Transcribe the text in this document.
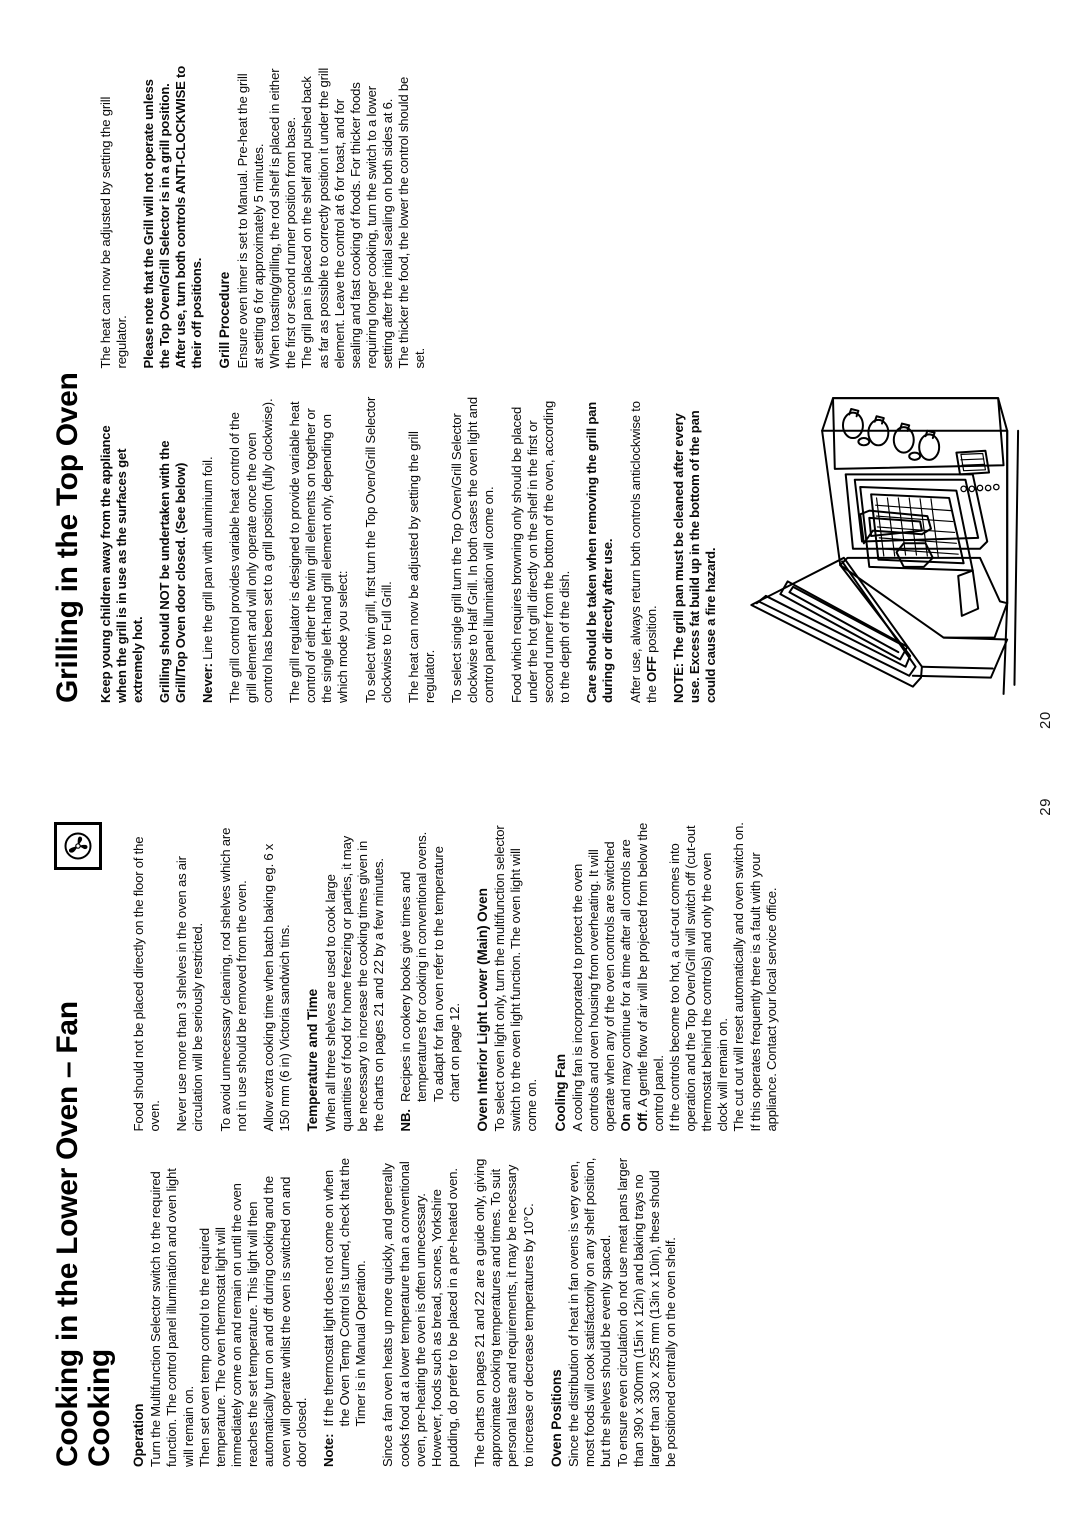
20
Grilling in the Top Oven Keep young children away from the appliance when the grill is in use as the surfaces get extremely hot. Grilling should NOT be undertaken with the Grill/Top Oven door closed. (See below) Never: Line the grill pan with aluminium foil. The grill control provides variable heat control of the grill element and will only operate once the oven control has been set to a grill position (fully clockwise). The grill regulator is designed to provide variable heat control of either the twin grill elements on together or the single left-hand grill element only, depending on which mode you select: To select twin grill, first turn the Top Oven/Grill Selector clockwise to Full Grill. The heat can now be adjusted by setting the grill regulator. To select single grill turn the Top Oven/Grill Selector clockwise to Half Grill. In both cases the oven light and control panel illumination will come on. Food which requires browning only should be placed under the hot grill directly on the shelf in the first or second runner from the bottom of the oven, according to the depth of the dish. Care should be taken when removing the grill pan during or directly after use. After use, always return both controls anticlockwise to the OFF position. NOTE: The grill pan must be cleaned after every use. Excess fat build up in the bottom of the pan could cause a fire hazard.

The heat can now be adjusted by setting the grill regulator. Please note that the Grill will not operate unless the Top Oven/Grill Selector is in a grill position. After use, turn both controls ANTI-CLOCKWISE to their off positions. Grill Procedure Ensure oven timer is set to Manual. Pre-heat the grill at setting 6 for approximately 5 minutes. When toasting/grilling, the rod shelf is placed in either the first or second runner position from base. The grill pan is placed on the shelf and pushed back as far as possible to correctly position it under the grill element. Leave the control at 6 for toast, and for sealing and fast cooking of foods. For thicker foods requiring longer cooking, turn the switch to a lower setting after the initial sealing on both sides at 6. The thicker the food, the lower the control should be set.

29
Cooking in the Lower Oven – Fan Cooking Operation Turn the Multifunction Selector switch to the required function. The control panel illumination and oven light will remain on. Then set oven temp control to the required temperature. The oven thermostat light will immediately come on and remain on until the oven reaches the set temperature. This light will then automatically turn on and off during cooking and the oven will operate whilst the oven is switched on and door closed. Note:

If the thermostat light does not come on when the Oven Temp Control is turned, check that the Timer is in Manual Operation. Since a fan oven heats up more quickly, and generally cooks food at a lower temperature than a conventional oven, pre-heating the oven is often unnecessary. However, foods such as bread, scones, Yorkshire pudding, do prefer to be placed in a pre-heated oven. The charts on pages 21 and 22 are a guide only, giving approximate cooking temperatures and times. To suit personal taste and requirements, it may be necessary to increase or decrease temperatures by 10°C. Oven Positions Since the distribution of heat in fan ovens is very even, most foods will cook satisfactorily on any shelf position, but the shelves should be evenly spaced. To ensure even circulation do not use meat pans larger than 390 x 300mm (15in x 12in) and baking trays no larger than 330 x 255 mm (13in x 10in), these should be positioned centrally on the oven shelf.

Food should not be placed directly on the floor of the oven. Never use more than 3 shelves in the oven as air circulation will be seriously restricted. To avoid unnecessary cleaning, rod shelves which are not in use should be removed from the oven. Allow extra cooking time when batch baking eg. 6 x 150 mm (6 in) Victoria sandwich tins. Temperature and Time When all three shelves are used to cook large quantities of food for home freezing or parties, it may be necessary to increase the cooking times given in the charts on pages 21 and 22 by a few minutes. NB.

Recipes in cookery books give times and temperatures for cooking in conventional ovens. To adapt for fan oven refer to the temperature chart on page 12. Oven Interior Light Lower (Main) Oven To select oven light only, turn the multifunction selector switch to the oven light function. The oven light will come on. Cooling Fan A cooling fan is incorporated to protect the oven controls and oven housing from overheating. It will operate when any of the oven controls are switched On and may continue for a time after all controls are Off. A gentle flow of air will be projected from below the control panel. If the controls become too hot, a cut-out comes into operation and the Top Oven/Grill will switch off (cut-out thermostat behind the controls) and only the oven clock will remain on. The cut out will reset automatically and oven switch on. If this operates frequently there is a fault with your appliance. Contact your local service office.
